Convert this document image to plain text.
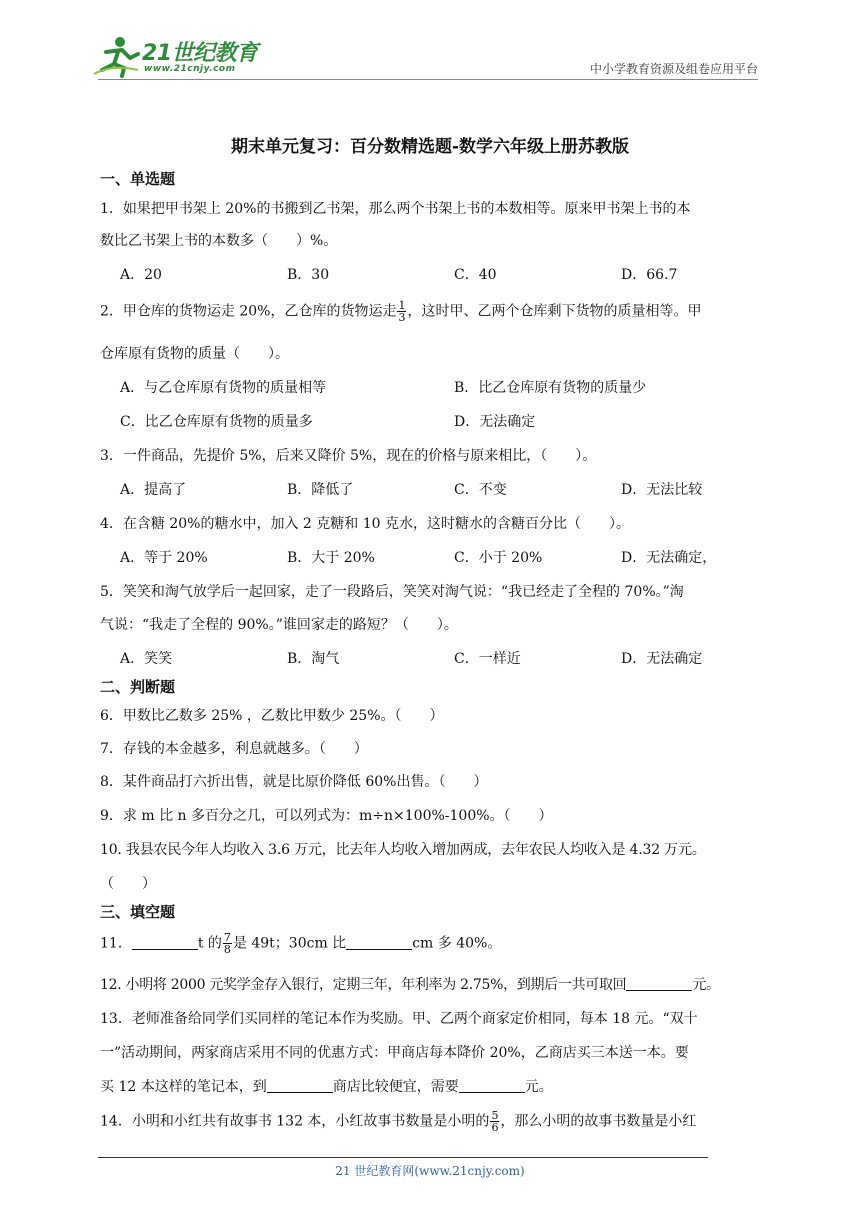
21世纪教育
www.21cnjy.com	中小学教育资源及组卷应用平台
期末单元复习：百分数精选题-数学六年级上册苏教版
一、单选题
1．如果把甲书架上 20%的书搬到乙书架，那么两个书架上书的本数相等。原来甲书架上书的本
数比乙书架上书的本数多（　　）%。
A．20	B．30	C．40	D．66.7
2．甲仓库的货物运走 20%，乙仓库的货物运走 $\frac{1}{3}$ ，这时甲、乙两个仓库剩下货物的质量相等。甲
仓库原有货物的质量（　　）。
A．与乙仓库原有货物的质量相等	B．比乙仓库原有货物的质量少
C．比乙仓库原有货物的质量多	D．无法确定
3．一件商品，先提价 5%，后来又降价 5%，现在的价格与原来相比，（　　）。
A．提高了	B．降低了	C．不变	D．无法比较
4．在含糖 20%的糖水中，加入 2 克糖和 10 克水，这时糖水的含糖百分比（　　）。
A．等于 20%	B．大于 20%	C．小于 20%	D．无法确定，
5．笑笑和淘气放学后一起回家，走了一段路后，笑笑对淘气说：“我已经走了全程的 70%。”淘
气说：“我走了全程的 90%。”谁回家走的路短？（　　）。
A．笑笑	B．淘气	C．一样近	D．无法确定
二、判断题
6．甲数比乙数多 25% ，乙数比甲数少 25%。（　　）
7．存钱的本金越多，利息就越多。（　　）
8．某件商品打六折出售，就是比原价降低 60%出售。（　　）
9．求 m 比 n 多百分之几，可以列式为：m÷n×100%-100%。（　　）
10. 我县农民今年人均收入 3.6 万元，比去年人均收入增加两成，去年农民人均收入是 4.32 万元。
（　　）
三、填空题
11．	t 的 $\frac{7}{8}$ 是 49t；30cm 比	cm 多 40%。
12. 小明将 2000 元奖学金存入银行，定期三年，年利率为 2.75%，到期后一共可取回	元。
13．老师准备给同学们买同样的笔记本作为奖励。甲、乙两个商家定价相同，每本 18 元。“双十
一”活动期间，两家商店采用不同的优惠方式：甲商店每本降价 20%，乙商店买三本送一本。要
买 12 本这样的笔记本，到	商店比较便宜，需要	元。
14．小明和小红共有故事书 132 本，小红故事书数量是小明的 $\frac{5}{6}$ ，那么小明的故事书数量是小红
21 世纪教育网(www.21cnjy.com)
